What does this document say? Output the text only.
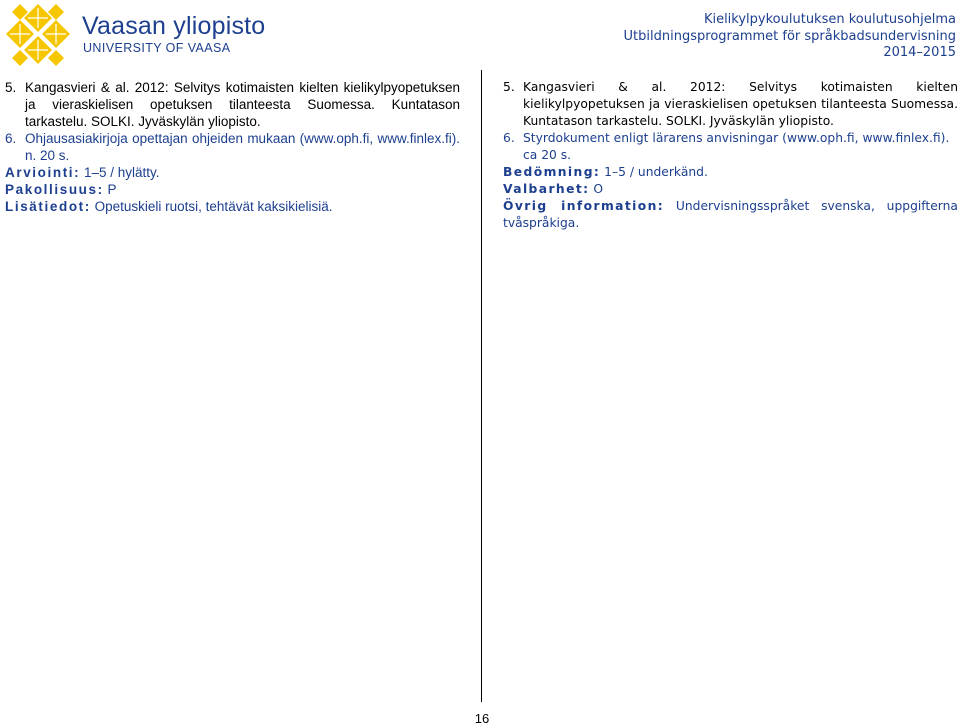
Vaasan yliopisto
UNIVERSITY OF VAASA
Kielikylpykoulutuksen koulutusohjelma
Utbildningsprogrammet för språkbadsundervisning
2014–2015
5. Kangasvieri & al. 2012: Selvitys kotimaisten kielten kielikylpyopetuksen ja vieraskielisen opetuksen tilanteesta Suomessa. Kuntatason tarkastelu. SOLKI. Jyväskylän yliopisto.
6. Ohjausasiakirjoja opettajan ohjeiden mukaan (www.oph.fi, www.finlex.fi). n. 20 s.
Arviointi: 1–5 / hylätty.
Pakollisuus: P
Lisätiedot: Opetuskieli ruotsi, tehtävät kaksikielisiä.
5. Kangasvieri & al. 2012: Selvitys kotimaisten kielten kielikylpyopetuksen ja vieraskielisen opetuksen tilanteesta Suomessa. Kuntatason tarkastelu. SOLKI. Jyväskylän yliopisto.
6. Styrdokument enligt lärarens anvisningar (www.oph.fi, www.finlex.fi). ca 20 s.
Bedömning: 1–5 / underkänd.
Valbarhet: O
Övrig information: Undervisningsspråket svenska, uppgifterna tvåspråkiga.
16
